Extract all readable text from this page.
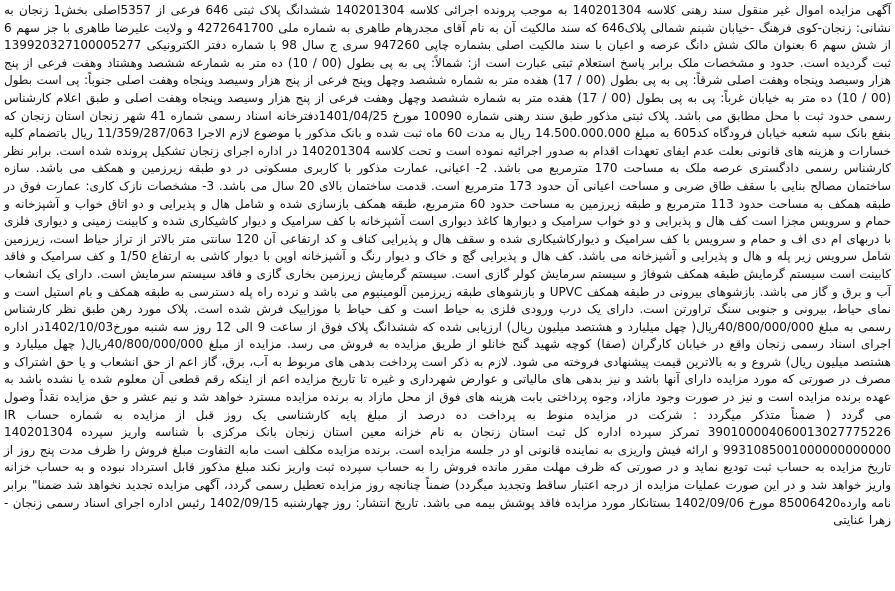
آگهی مزایده اموال غیر منقول سند رهنی کلاسه 140201304 به موجب پرونده اجرائی کلاسه 140201304 ششدانگ پلاک ثبتی 646 فرعی از 5357اصلی بخش1 زنجان به نشانی: زنجان-کوی فرهنگ -خیابان شبنم شمالی پلاک646 که سند مالکیت آن به نام آقای مجدرهام طاهری به شماره ملی 4272641700 و ولایت علیرضا طاهری با جز سهم 6 از شش سهم 6 بعنوان مالک شش دانگ عرصه و اعیان با سند مالکیت اصلی بشماره چاپی 947260 سری ج سال 98 با شماره دفتر الکترونیکی 139920327100005277 ثبت گردیده است. حدود و مشخصات ملک برابر پاسخ استعلام ثبتی عبارت است از: شمالاً: پی به پی بطول (00 / 10) ده متر به شمارعه ششصد وهشتاد وهفت فرعی از پنج هزار وسیصد وپنجاه وهفت اصلی شرقاً: پی به پی بطول (00 / 17) هفده متر به شماره ششصد وچهل وپنج فرعی از پنج هزار وسیصد وپنجاه وهفت اصلی جنوباً: پی است بطول (00 / 10) ده متر به خیابان غرباً: پی به پی بطول (00 / 17) هفده متر به شماره ششصد وچهل وهفت فرعی از پنج هزار وسیصد وپنجاه وهفت اصلی و طبق اعلام کارشناس رسمی حدود ثبت با محل مطابق می باشد. پلاک ثبتی مذکور طبق سند رهنی شماره 10090 مورخ 1401/04/25دفترخانه اسناد رسمی شماره 41 شهر زنجان استان زنجان که بنفع بانک سپه شعبه خیابان فرودگاه کد605 به مبلغ 14.500.000.000 ریال به مدت 60 ماه ثبت شده و بانک مذکور با موضوع لازم الاجرا 11/359/287/063 ریال باتضمام کلیه خسارات و هزینه های قانونی بعلت عدم ایفای تعهدات اقدام به صدور اجرائیه نموده است و تحت کلاسه 140201304 در اداره اجرای زنجان تشکیل پرونده شده است. برابر نظر کارشناس رسمی دادگستری عرصه ملک به مساحت 170 مترمربع می باشد. 2- اعیانی، عمارت مذکور با کاربری مسکونی در دو طبقه زیرزمین و همکف می باشد. سازه ساختمان مصالح بنایی با سقف طاق ضربی و مساحت اعیانی آن حدود 173 مترمربع است. قدمت ساختمان بالای 20 سال می باشد. 3- مشخصات نازک کاری: عمارت فوق در طبقه همکف به مساحت حدود 113 مترمربع و طبقه زیرزمین به مساحت حدود 60 مترمربع، طبقه همکف بازسازی شده و شامل هال و پذیرایی و دو اتاق خواب و آشپزخانه و حمام و سرویس مجزا است کف هال و پذیرایی و دو خواب سرامیک و دیوارها کاغذ دیواری است آشپزخانه با کف سرامیک و دیوار کاشیکاری شده و کابینت زمینی و دیواری فلزی با دربهای ام دی اف و حمام و سرویس با کف سرامیک و دیوارکاشیکاری شده و سقف هال و پذیرایی کناف و کد ارتفاعی آن 120 سانتی متر بالاتر از تراز حیاط است، زیرزمین شامل سرویس زیر پله و هال و پذیرایی و آشپزخانه می باشد. کف هال و پذیرایی گچ و خاک و دیوار رنگ و آشپزخانه اوپن با دیوار کاشی به ارتفاع 1/50 و کف سرامیک و فاقد کابینت است سیستم گرمایش طبقه همکف شوفاژ و سیستم سرمایش کولر گازی است. سیستم گرمایش زیرزمین بخاری گازی و فاقد سیستم سرمایش است. دارای یک انشعاب آب و برق و گاز می باشد. بازشوهای بیرونی در طبقه همکف UPVC و بازشوهای طبقه زیرزمین آلومینیوم می باشد و نرده راه پله دسترسی به طبقه همکف و بام استیل است و نمای حیاط، بیرونی و جنوبی سنگ تراورتن است. دارای یک درب ورودی فلزی به حیاط است و کف حیاط با موزاییک فرش شده است. پلاک مورد رهن طبق نظر کارشناس رسمی به مبلغ 40/800/000/000ریال( چهل میلیارد و هشتصد میلیون ریال) ارزیابی شده که ششدانگ پلاک فوق از ساعت 9 الی 12 روز سه شنبه مورخ1402/10/03در اداره اجرای اسناد رسمی زنجان واقع در خیابان کارگران (صفا) کوچه شهید گنج خانلو از طریق مزایده به فروش می رسد. مزایده از مبلغ 40/800/000/000ریال( چهل میلیارد و هشتصد میلیون ریال) شروع و به بالاترین قیمت پیشنهادی فروخته می شود. لازم به ذکر است پرداخت بدهی های مربوط به آب، برق، گاز اعم از حق انشعاب و یا حق اشتراک و مصرف در صورتی که مورد مزایده دارای آنها باشد و نیز بدهی های مالیاتی و عوارض شهرداری و غیره تا تاریخ مزایده اعم از اینکه رقم قطعی آن معلوم شده یا نشده باشد به عهده برنده مزایده است و نیز در صورت وجود مازاد، وجوه پرداختی بابت هزینه های فوق از محل مازاد به برنده مزایده مسترد خواهد شد و نیم عشر و حق مزایده نقداً وصول می گردد ( ضمناً متذکر میگردد : شرکت در مزایده منوط به پرداخت ده درصد از مبلغ پایه کارشناسی یک روز قبل از مزایده به شماره حساب IR 390100004060013027775226 تمرکز سپرده اداره کل ثبت استان زنجان به نام خزانه معین استان زنجان بانک مرکزی با شناسه واریز سپرده 140201304 9931085001000000000000 و ارائه فیش واریزی به نماینده قانونی او در جلسه مزایده است. برنده مزایده مکلف است مابه التفاوت مبلغ فروش را ظرف مدت پنج روز از تاریخ مزایده به حساب ثبت تودیع نماید و در صورتی که ظرف مهلت مقرر مانده فروش را به حساب سپرده ثبت واریز نکند مبلغ مذکور قابل استرداد نبوده و به حساب خزانه واریز خواهد شد و در این صورت عملیات مزایده از درجه اعتبار ساقط وتجدید میگردد) ضمناً چنانچه روز مزایده تعطیل رسمی گردد، آگهی مزایده تجدید نخواهد شد ضمنا" برابر نامه وارده85006420 مورخ 1402/09/06 بستانکار مورد مزایده فاقد پوشش بیمه می باشد. تاریخ انتشار: روز چهارشنبه 1402/09/15 رئیس اداره اجرای اسناد رسمی زنجان - زهرا عنایتی
